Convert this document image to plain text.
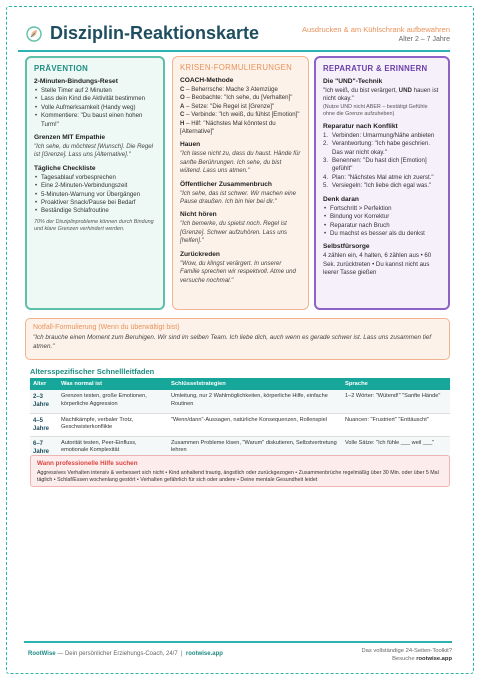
Disziplin-Reaktionskarte	Ausdrucken & am Kühlschrank aufbewahren
Alter 2 – 7 Jahre
PRÄVENTION
2-Minuten-Bindungs-Reset
• Stelle Timer auf 2 Minuten
• Lass dein Kind die Aktivität bestimmen
• Volle Aufmerksamkeit (Handy weg)
• Kommentiere: "Du baust einen hohen Turm!"
Grenzen MIT Empathie
"Ich sehe, du möchtest [Wunsch]. Die Regel ist [Grenze]. Lass uns [Alternative]."
Tägliche Checkliste
• Tagesablauf vorbesprechen
• Eine 2-Minuten-Verbindungszeit
• 5-Minuten-Warnung vor Übergängen
• Proaktiver Snack/Pause bei Bedarf
• Beständige Schlafroutine
70% der Disziplinprobleme können durch Bindung und klare Grenzen verhindert werden.
KRISEN-FORMULIERUNGEN
COACH-Methode
C – Beherrsche: Mache 3 Atemzüge
O – Beobachte: "Ich sehe, du [Verhalten]"
A – Setze: "Die Regel ist [Grenze]"
C – Verbinde: "Ich weiß, du fühlst [Emotion]"
H – Hilf: "Nächstes Mal könntest du [Alternative]"
Hauen
"Ich lasse nicht zu, dass du haust. Hände für sanfte Berührungen. Ich sehe, du bist wütend. Lass uns atmen."
Öffentlicher Zusammenbruch
"Ich sehe, das ist schwer. Wir machen eine Pause draußen. Ich bin hier bei dir."
Nicht hören
"Ich bemerke, du spielst noch. Regel ist [Grenze]. Schwer aufzuhören. Lass uns [helfen]."
Zurückreden
"Wow, du klingst verärgert. In unserer Familie sprechen wir respektvoll. Atme und versuche nochmal."
REPARATUR & ERINNERN
Die "UND"-Technik
"Ich weiß, du bist verärgert, UND hauen ist nicht okay."
(Nutze UND nicht ABER – bestätigt Gefühle ohne die Grenze aufzuheben)
Reparatur nach Konflikt
1. Verbinden: Umarmung/Nähe anbieten
2. Verantwortung: "Ich habe geschrien. Das war nicht okay."
3. Benennen: "Du hast dich [Emotion] gefühlt"
4. Plan: "Nächstes Mal atme ich zuerst."
5. Versiegeln: "Ich liebe dich egal was."
Denk daran
• Fortschritt > Perfektion
• Bindung vor Korrektur
• Reparatur nach Bruch
• Du machst es besser als du denkst
Selbstfürsorge
4 zählen ein, 4 halten, 6 zählen aus • 60 Sek. zurücktreten • Du kannst nicht aus leerer Tasse gießen
Notfall-Formulierung (Wenn du überwältigt bist)
"Ich brauche einen Moment zum Beruhigen. Wir sind im selben Team. Ich liebe dich, auch wenn es gerade schwer ist. Lass uns zusammen tief atmen."
Altersspezifischer Schnellleitfaden
Alter	Was normal ist	Schlüsselstrategien	Sprache
2–3 Jahre	Grenzen testen, große Emotionen, körperliche Aggression	Umleitung, nur 2 Wahlmöglichkeiten, körperliche Hilfe, einfache Routinen	1–2 Wörter: "Wütend!" "Sanfte Hände"
4–5 Jahre	Machtkämpfe, verbaler Trotz, Geschwisterkonflikte	"Wenn/dann"-Aussagen, natürliche Konsequenzen, Rollenspiel	Nuancen: "Frustriert" "Enttäuscht"
6–7 Jahre	Autorität testen, Peer-Einfluss, emotionale Komplexität	Zusammen Probleme lösen, "Warum" diskutieren, Selbstvertretung lehren	Volle Sätze: "Ich fühle ___ weil ___"
Wann professionelle Hilfe suchen
Aggressives Verhalten intensiv & verbessert sich nicht • Kind anhaltend traurig, ängstlich oder zurückgezogen • Zusammenbrüche regelmäßig über 30 Min. oder über 5 Mal täglich • Schlaf/Essen wochenlang gestört • Verhalten gefährlich für sich oder andere • Deine mentale Gesundheit leidet
RootWise — Dein persönlicher Erziehungs-Coach, 24/7  |  rootwise.app	Das vollständige 24-Seiten-Toolkit?
Besuche rootwise.app
